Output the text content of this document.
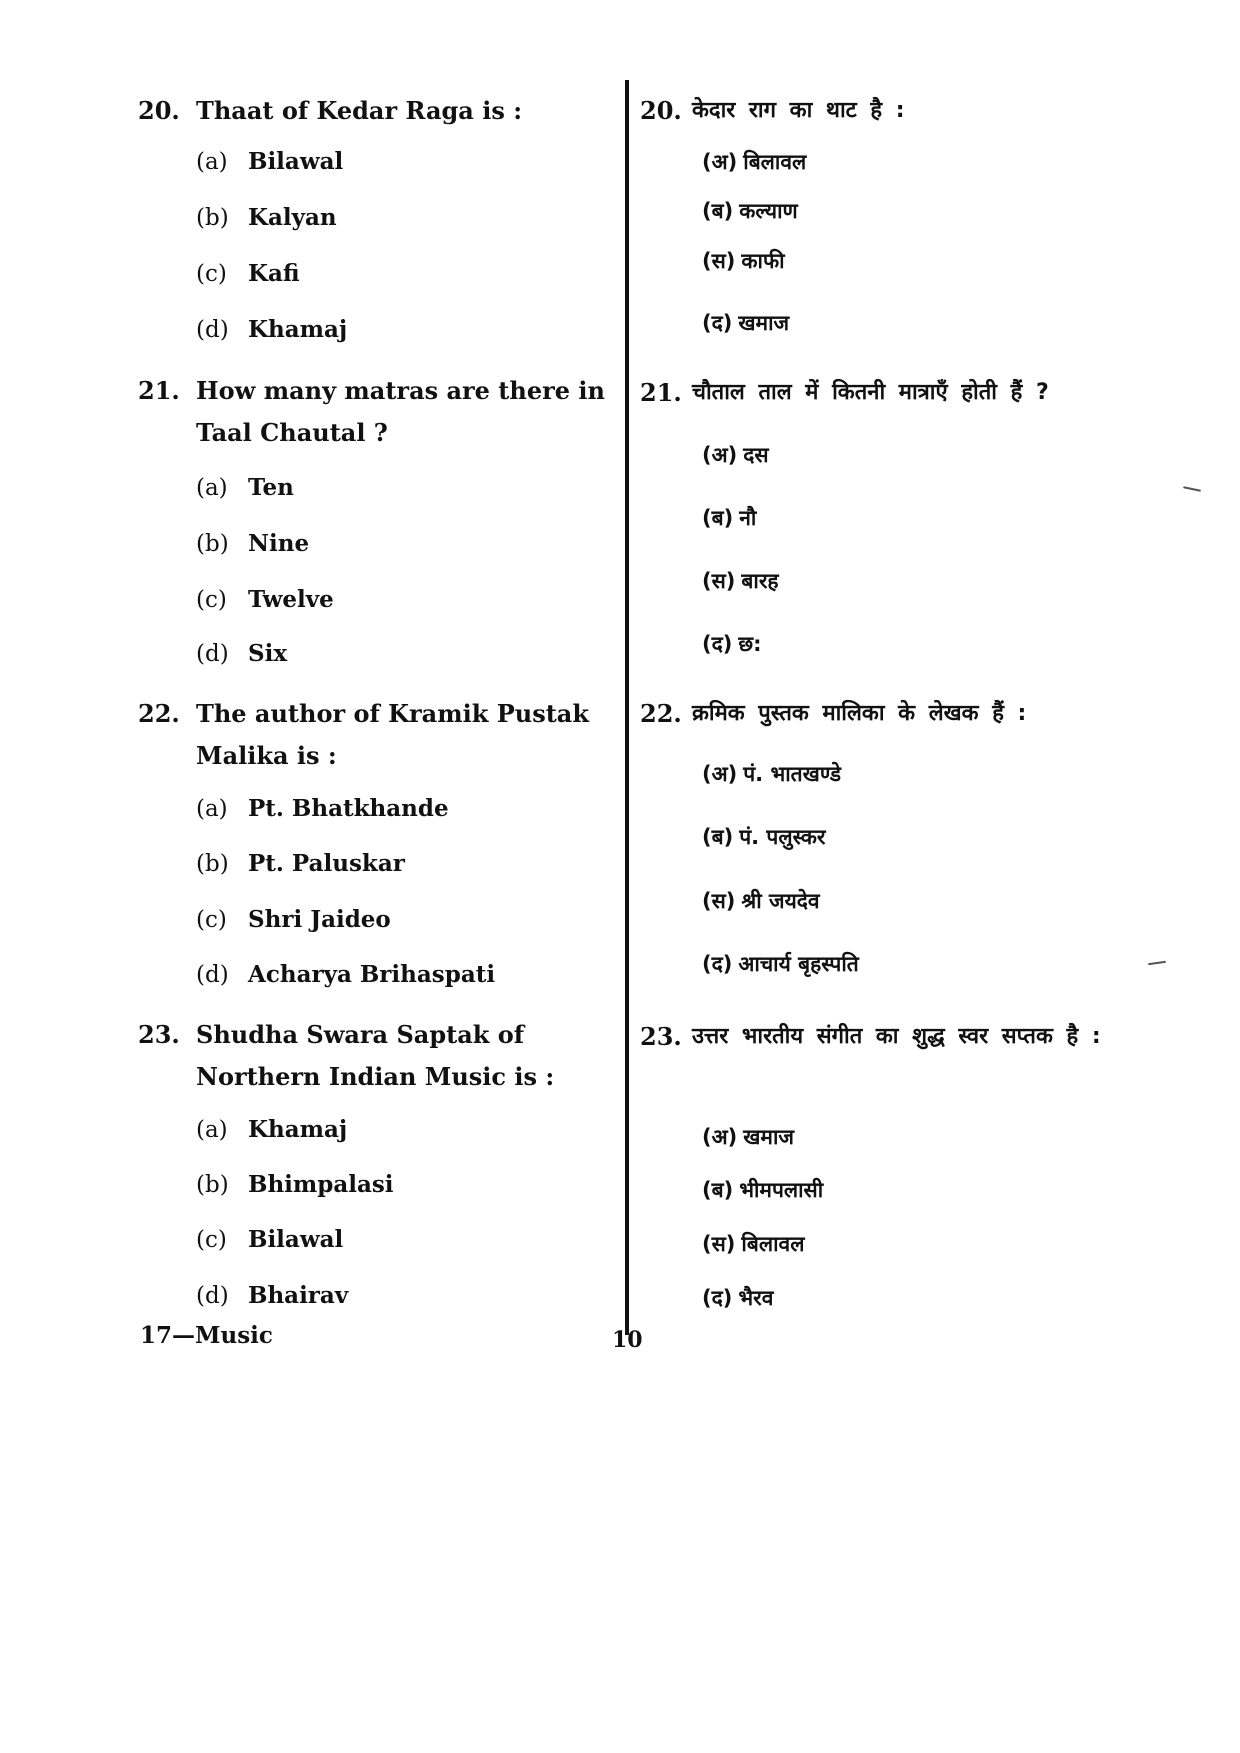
20. Thaat of Kedar Raga is :
(a) Bilawal
(b) Kalyan
(c) Kafi
(d) Khamaj
21. How many matras are there in Taal Chautal ?
(a) Ten
(b) Nine
(c) Twelve
(d) Six
22. The author of Kramik Pustak Malika is :
(a) Pt. Bhatkhande
(b) Pt. Paluskar
(c) Shri Jaideo
(d) Acharya Brihaspati
23. Shudha Swara Saptak of Northern Indian Music is :
(a) Khamaj
(b) Bhimpalasi
(c) Bilawal
(d) Bhairav
20. केदार राग का थाट है :
(अ) बिलावल
(ब) कल्याण
(स) काफी
(द) खमाज
21. चौताल ताल में कितनी मात्राएँ होती हैं ?
(अ) दस
(ब) नौ
(स) बारह
(द) छ:
22. क्रमिक पुस्तक मालिका के लेखक हैं :
(अ) पं. भातखण्डे
(ब) पं. पलुस्कर
(स) श्री जयदेव
(द) आचार्य बृहस्पति
23. उत्तर भारतीय संगीत का शुद्ध स्वर सप्तक है :
(अ) खमाज
(ब) भीमपलासी
(स) बिलावल
(द) भैरव
17—Music	10
